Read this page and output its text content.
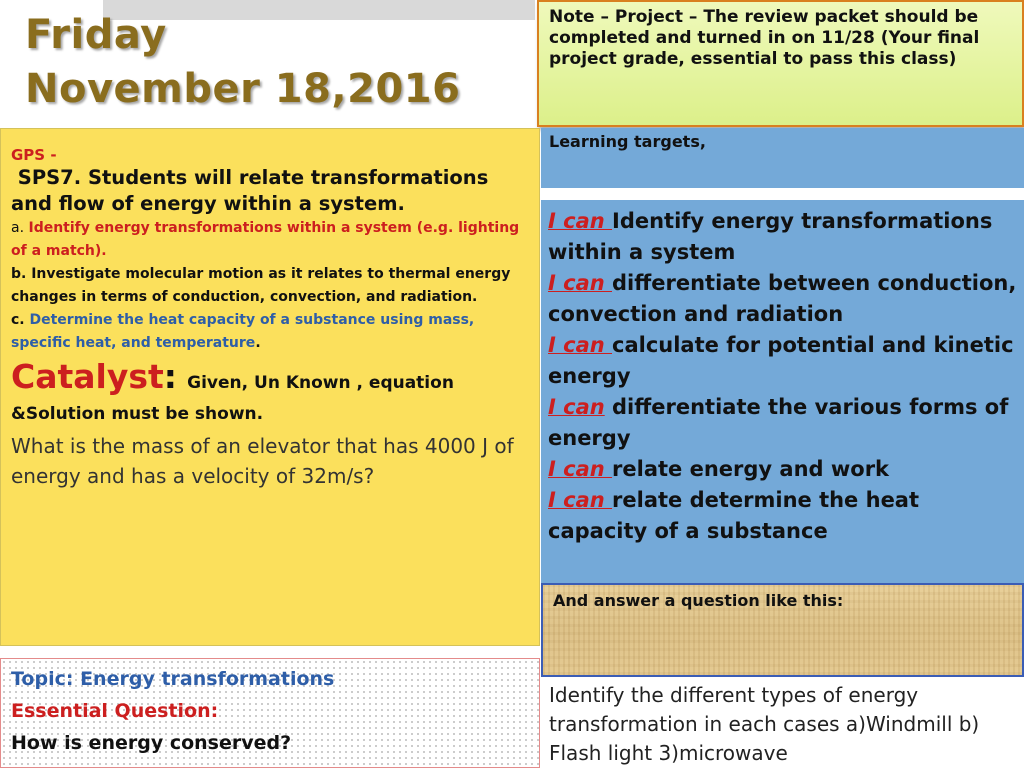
Friday
November 18,2016
Note – Project – The review packet should be completed and turned in on 11/28 (Your final project grade, essential to pass this class)
GPS -
SPS7. Students will relate transformations and flow of energy within a system.
a. Identify energy transformations within a system (e.g. lighting of a match).
b. Investigate molecular motion as it relates to thermal energy changes in terms of conduction, convection, and radiation.
c. Determine the heat capacity of a substance using mass, specific heat, and temperature.
Catalyst: Given, Un Known , equation
&Solution must be shown.
What is the mass of an elevator that has 4000 J of energy and has a velocity of 32m/s?
Learning targets,
I can Identify energy transformations within a system
I can differentiate between conduction, convection and radiation
I can calculate for potential and kinetic energy
I can differentiate the various forms of energy
I can relate energy and work
I can relate determine the heat capacity of a substance
And answer a question like this:
Identify the different types of energy transformation in each cases a)Windmill b) Flash light 3)microwave
Topic: Energy transformations
Essential Question:
How is energy conserved?
